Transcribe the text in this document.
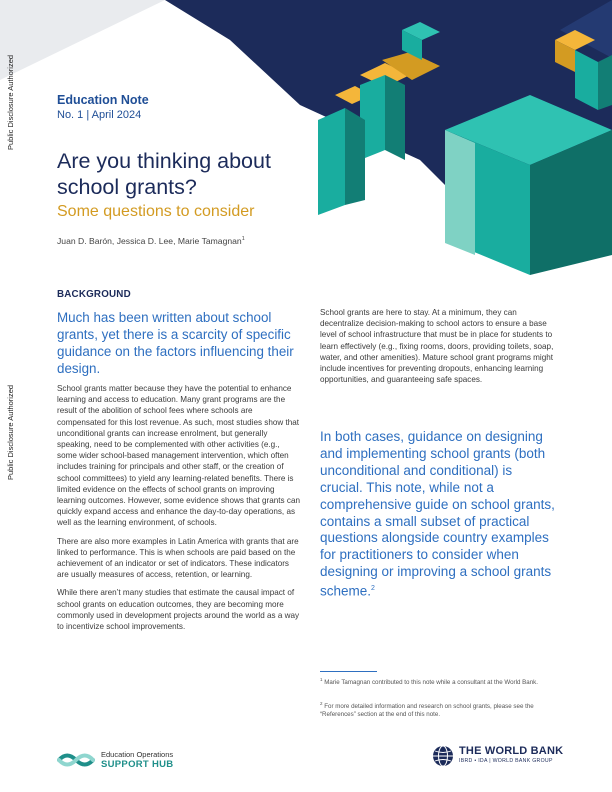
Public Disclosure Authorized
Public Disclosure Authorized
Education Note
No. 1 | April 2024
Are you thinking about school grants?
Some questions to consider
Juan D. Barón, Jessica D. Lee, Marie Tamagnan$^1$
BACKGROUND
Much has been written about school grants, yet there is a scarcity of specific guidance on the factors influencing their design.

School grants matter because they have the potential to enhance learning and access to education. Many grant programs are the result of the abolition of school fees where schools are compensated for this lost revenue. As such, most studies show that unconditional grants can increase enrolment, but generally speaking, need to be complemented with other activities (e.g., some wider school-based management intervention, which often includes training for principals and other staff, or the creation of school committees) to yield any learning-related benefits. There is limited evidence on the effects of school grants on improving learning outcomes. However, some evidence shows that grants can quickly expand access and enhance the day-to-day operations, as well as the learning environment, of schools.

There are also more examples in Latin America with grants that are linked to performance. This is when schools are paid based on the achievement of an indicator or set of indicators. These indicators are usually measures of access, retention, or learning.

While there aren’t many studies that estimate the causal impact of school grants on education outcomes, they are becoming more commonly used in development projects around the world as a way to incentivize school improvements.

School grants are here to stay. At a minimum, they can decentralize decision-making to school actors to ensure a base level of school infrastructure that must be in place for students to learn effectively (e.g., fixing rooms, doors, providing toilets, soap, water, and other amenities). Mature school grant programs might include incentives for preventing dropouts, enhancing learning opportunities, and guaranteeing safe spaces.

In both cases, guidance on designing and implementing school grants (both unconditional and conditional) is crucial. This note, while not a comprehensive guide on school grants, contains a small subset of practical questions alongside country examples for practitioners to consider when designing or improving a school grants scheme.$^2$
$^1$ Marie Tamagnan contributed to this note while a consultant at the World Bank.
$^2$ For more detailed information and research on school grants, please see the “References” section at the end of this note.
Education Operations
SUPPORT HUB
THE WORLD BANK
IBRD • IDA | WORLD BANK GROUP
